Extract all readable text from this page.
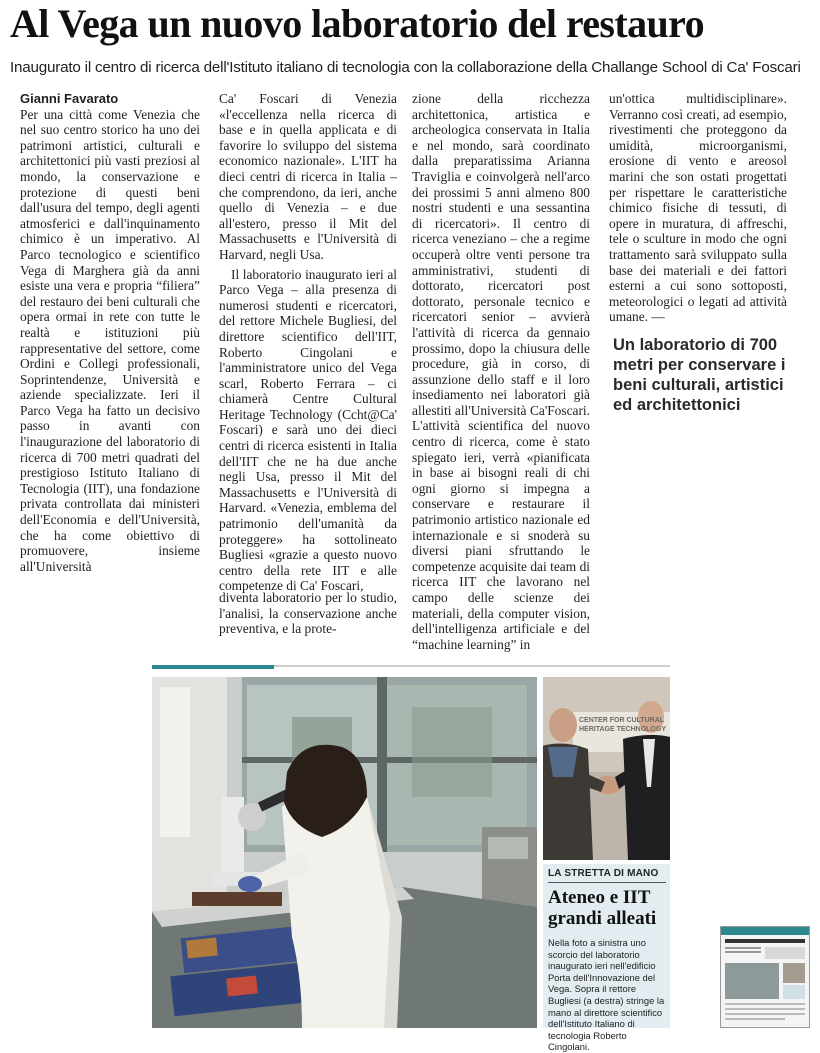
Al Vega un nuovo laboratorio del restauro
Inaugurato il centro di ricerca dell'Istituto italiano di tecnologia con la collaborazione della Challange School di Ca' Foscari
Gianni Favarato

Per una città come Venezia che nel suo centro storico ha uno dei patrimoni artistici, culturali e architettonici più vasti preziosi al mondo, la conservazione e protezione di questi beni dall'usura del tempo, degli agenti atmosferici e dall'inquinamento chimico è un imperativo. Al Parco tecnologico e scientifico Vega di Marghera già da anni esiste una vera e propria “filiera” del restauro dei beni culturali che opera ormai in rete con tutte le realtà e istituzioni più rappresentative del settore, come Ordini e Collegi professionali, Soprintendenze, Università e aziende specializzate. Ieri il Parco Vega ha fatto un decisivo passo in avanti con l'inaugurazione del laboratorio di ricerca di 700 metri quadrati del prestigioso Istituto Italiano di Tecnologia (IIT), una fondazione privata controllata dai ministeri dell'Economia e dell'Università, che ha come obiettivo di promuovere, insieme all'Università

Ca' Foscari di Venezia «l'eccellenza nella ricerca di base e in quella applicata e di favorire lo sviluppo del sistema economico nazionale». L'IIT ha dieci centri di ricerca in Italia – che comprendono, da ieri, anche quello di Venezia – e due all'estero, presso il Mit del Massachusetts e l'Università di Harvard, negli Usa.

Il laboratorio inaugurato ieri al Parco Vega – alla presenza di numerosi studenti e ricercatori, del rettore Michele Bugliesi, del direttore scientifico dell'IIT, Roberto Cingolani e l'amministratore unico del Vega scarl, Roberto Ferrara – ci chiamerà Centre Cultural Heritage Technology (Ccht@Ca' Foscari) e sarà uno dei dieci centri di ricerca esistenti in Italia dell'IIT che ne ha due anche negli Usa, presso il Mit del Massachusetts e l'Università di Harvard. «Venezia, emblema del patrimonio dell'umanità da proteggere» ha sottolineato Bugliesi «grazie a questo nuovo centro della rete IIT e alle competenze di Ca' Foscari,

diventa laboratorio per lo studio, l'analisi, la conservazione anche preventiva, e la prote-

zione della ricchezza architettonica, artistica e archeologica conservata in Italia e nel mondo, sarà coordinato dalla preparatissima Arianna Traviglia e coinvolgerà nell'arco dei prossimi 5 anni almeno 800 nostri studenti e una sessantina di ricercatori». Il centro di ricerca veneziano – che a regime occuperà oltre venti persone tra amministrativi, studenti di dottorato, ricercatori post dottorato, personale tecnico e ricercatori senior – avvierà l'attività di ricerca da gennaio prossimo, dopo la chiusura delle procedure, già in corso, di assunzione dello staff e il loro insediamento nei laboratori già allestiti all'Università Ca'Foscari. L'attività scientifica del nuovo centro di ricerca, come è stato spiegato ieri, verrà «pianificata in base ai bisogni reali di chi ogni giorno si impegna a conservare e restaurare il patrimonio artistico nazionale ed internazionale e si snoderà su diversi piani sfruttando le competenze acquisite dai team di ricerca IIT che lavorano nel campo delle scienze dei materiali, della computer vision, dell'intelligenza artificiale e del “machine learning” in

un'ottica multidisciplinare». Verranno così creati, ad esempio, rivestimenti che proteggono da umidità, microorganismi, erosione di vento e areosol marini che son ostati progettati per rispettare le caratteristiche chimico fisiche di tessuti, di opere in muratura, di affreschi, tele o sculture in modo che ogni trattamento sarà sviluppato sulla base dei materiali e dei fattori esterni a cui sono sottoposti, meteorologici o legati ad attività umane. —

Un laboratorio di 700 metri per conservare i beni culturali, artistici ed architettonici
CENTER FOR CULTURAL HERITAGE TECHNOLOGY
LA STRETTA DI MANO
Ateneo e IIT grandi alleati
Nella foto a sinistra uno scorcio del laboratorio inaugurato ieri nell'edificio Porta dell'Innovazione del Vega. Sopra il rettore Bugliesi (a destra) stringe la mano al direttore scientifico dell'Istituto Italiano di tecnologia Roberto Cingolani.
